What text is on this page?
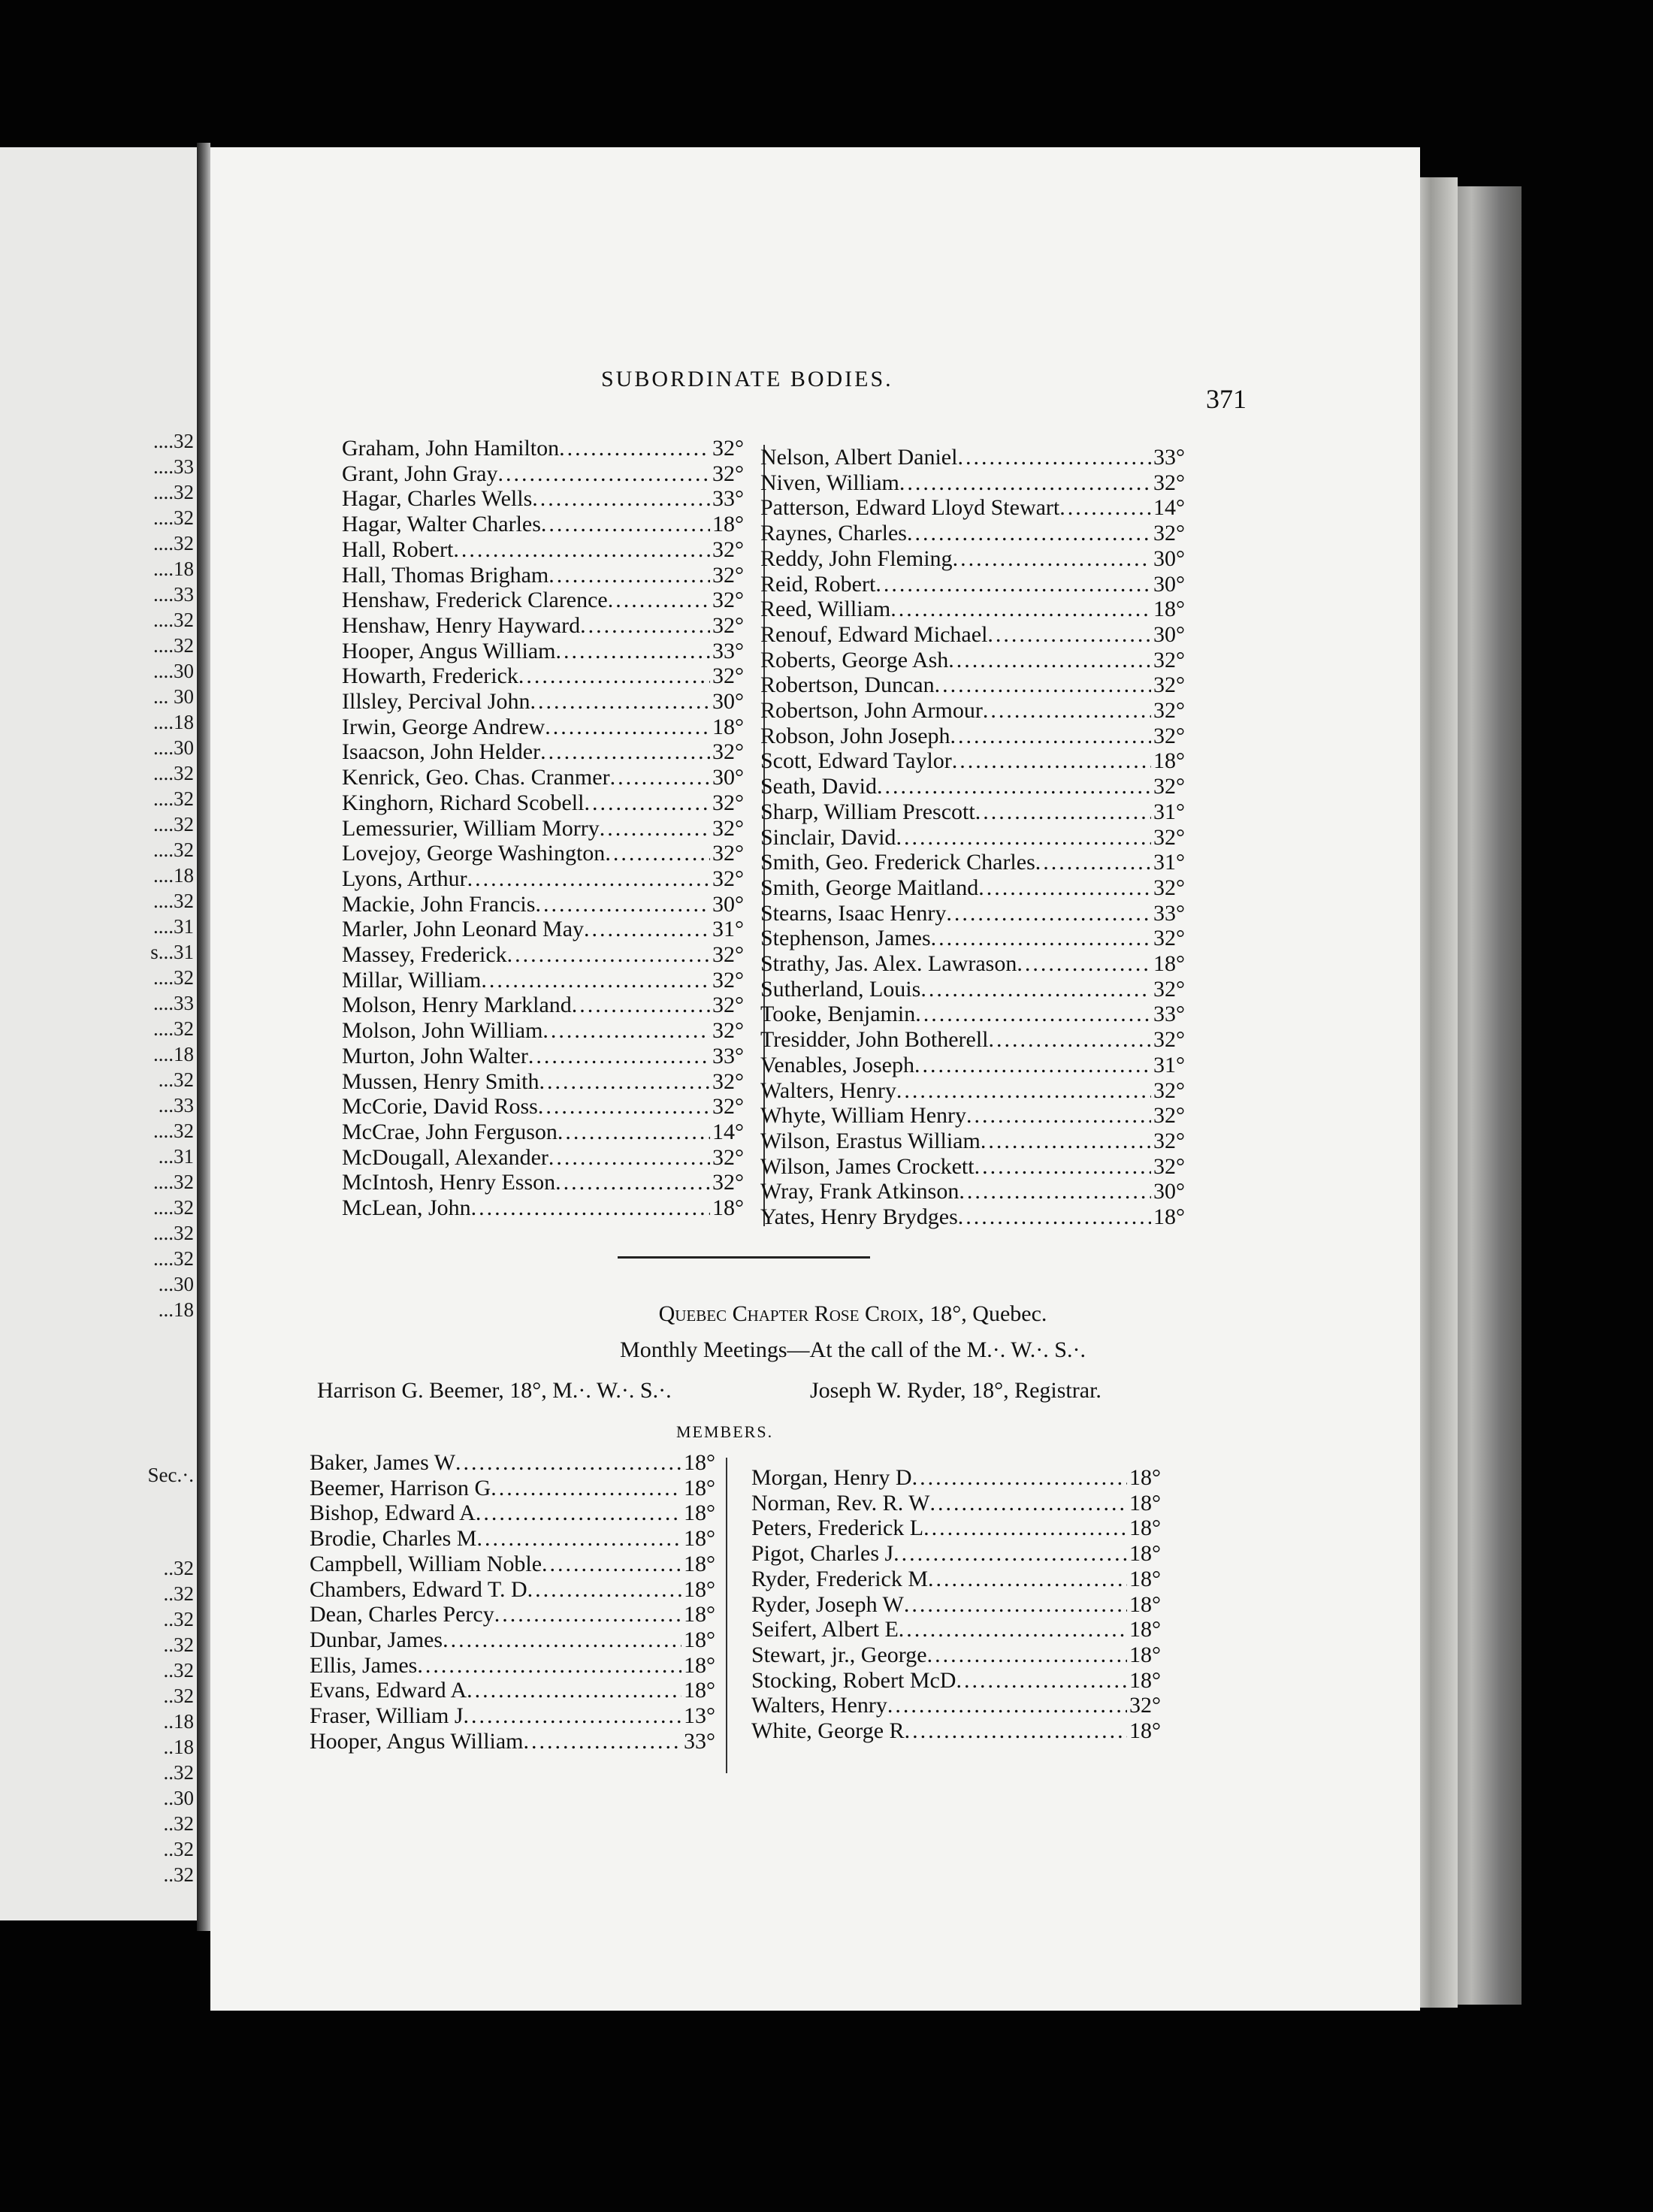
....32
....33
....32
....32
....32
....18
....33
....32
....32
....30
... 30
....18
....30
....32
....32
....32
....32
....18
....32
....31
s...31
....32
....33
....32
....18
...32
...33
....32
...31
....32
....32
....32
....32
...30
...18
Sec.·.
..32
..32
..32
..32
..32
..32
..18
..18
..32
..30
..32
..32
..32
SUBORDINATE BODIES.
371
Graham, John Hamilton .....	32°
Grant, John Gray .....	32°
Hagar, Charles Wells .....	33°
Hagar, Walter Charles .....	18°
Hall, Robert .....	32°
Hall, Thomas Brigham .....	32°
Henshaw, Frederick Clarence .....	32°
Henshaw, Henry Hayward .....	32°
Hooper, Angus William .....	33°
Howarth, Frederick .....	32°
Illsley, Percival John .....	30°
Irwin, George Andrew .....	18°
Isaacson, John Helder .....	32°
Kenrick, Geo. Chas. Cranmer .....	30°
Kinghorn, Richard Scobell .....	32°
Lemessurier, William Morry .....	32°
Lovejoy, George Washington .....	32°
Lyons, Arthur .....	32°
Mackie, John Francis .....	30°
Marler, John Leonard May .....	31°
Massey, Frederick .....	32°
Millar, William .....	32°
Molson, Henry Markland .....	32°
Molson, John William .....	32°
Murton, John Walter .....	33°
Mussen, Henry Smith .....	32°
McCorie, David Ross .....	32°
McCrae, John Ferguson .....	14°
McDougall, Alexander .....	32°
McIntosh, Henry Esson .....	32°
McLean, John .....	18°
Nelson, Albert Daniel .....	33°
Niven, William .....	32°
Patterson, Edward Lloyd Stewart .....	14°
Raynes, Charles .....	32°
Reddy, John Fleming .....	30°
Reid, Robert .....	30°
Reed, William .....	18°
Renouf, Edward Michael .....	30°
Roberts, George Ash .....	32°
Robertson, Duncan .....	32°
Robertson, John Armour .....	32°
Robson, John Joseph .....	32°
Scott, Edward Taylor .....	18°
Seath, David .....	32°
Sharp, William Prescott .....	31°
Sinclair, David .....	32°
Smith, Geo. Frederick Charles .....	31°
Smith, George Maitland .....	32°
Stearns, Isaac Henry .....	33°
Stephenson, James .....	32°
Strathy, Jas. Alex. Lawrason .....	18°
Sutherland, Louis .....	32°
Tooke, Benjamin .....	33°
Tresidder, John Botherell .....	32°
Venables, Joseph .....	31°
Walters, Henry .....	32°
Whyte, William Henry .....	32°
Wilson, Erastus William .....	32°
Wilson, James Crockett .....	32°
Wray, Frank Atkinson .....	30°
Yates, Henry Brydges .....	18°
Quebec Chapter Rose Croix, 18°, Quebec.
Monthly Meetings—At the call of the M.·. W.·. S.·.
Harrison G. Beemer, 18°, M.·. W.·. S.·.	Joseph W. Ryder, 18°, Registrar.
MEMBERS.
Baker, James W .....	18°
Beemer, Harrison G .....	18°
Bishop, Edward A .....	18°
Brodie, Charles M .....	18°
Campbell, William Noble .....	18°
Chambers, Edward T. D .....	18°
Dean, Charles Percy .....	18°
Dunbar, James .....	18°
Ellis, James .....	18°
Evans, Edward A .....	18°
Fraser, William J .....	13°
Hooper, Angus William .....	33°
Morgan, Henry D .....	18°
Norman, Rev. R. W .....	18°
Peters, Frederick L .....	18°
Pigot, Charles J .....	18°
Ryder, Frederick M .....	18°
Ryder, Joseph W .....	18°
Seifert, Albert E .....	18°
Stewart, jr., George .....	18°
Stocking, Robert McD .....	18°
Walters, Henry .....	32°
White, George R .....	18°
